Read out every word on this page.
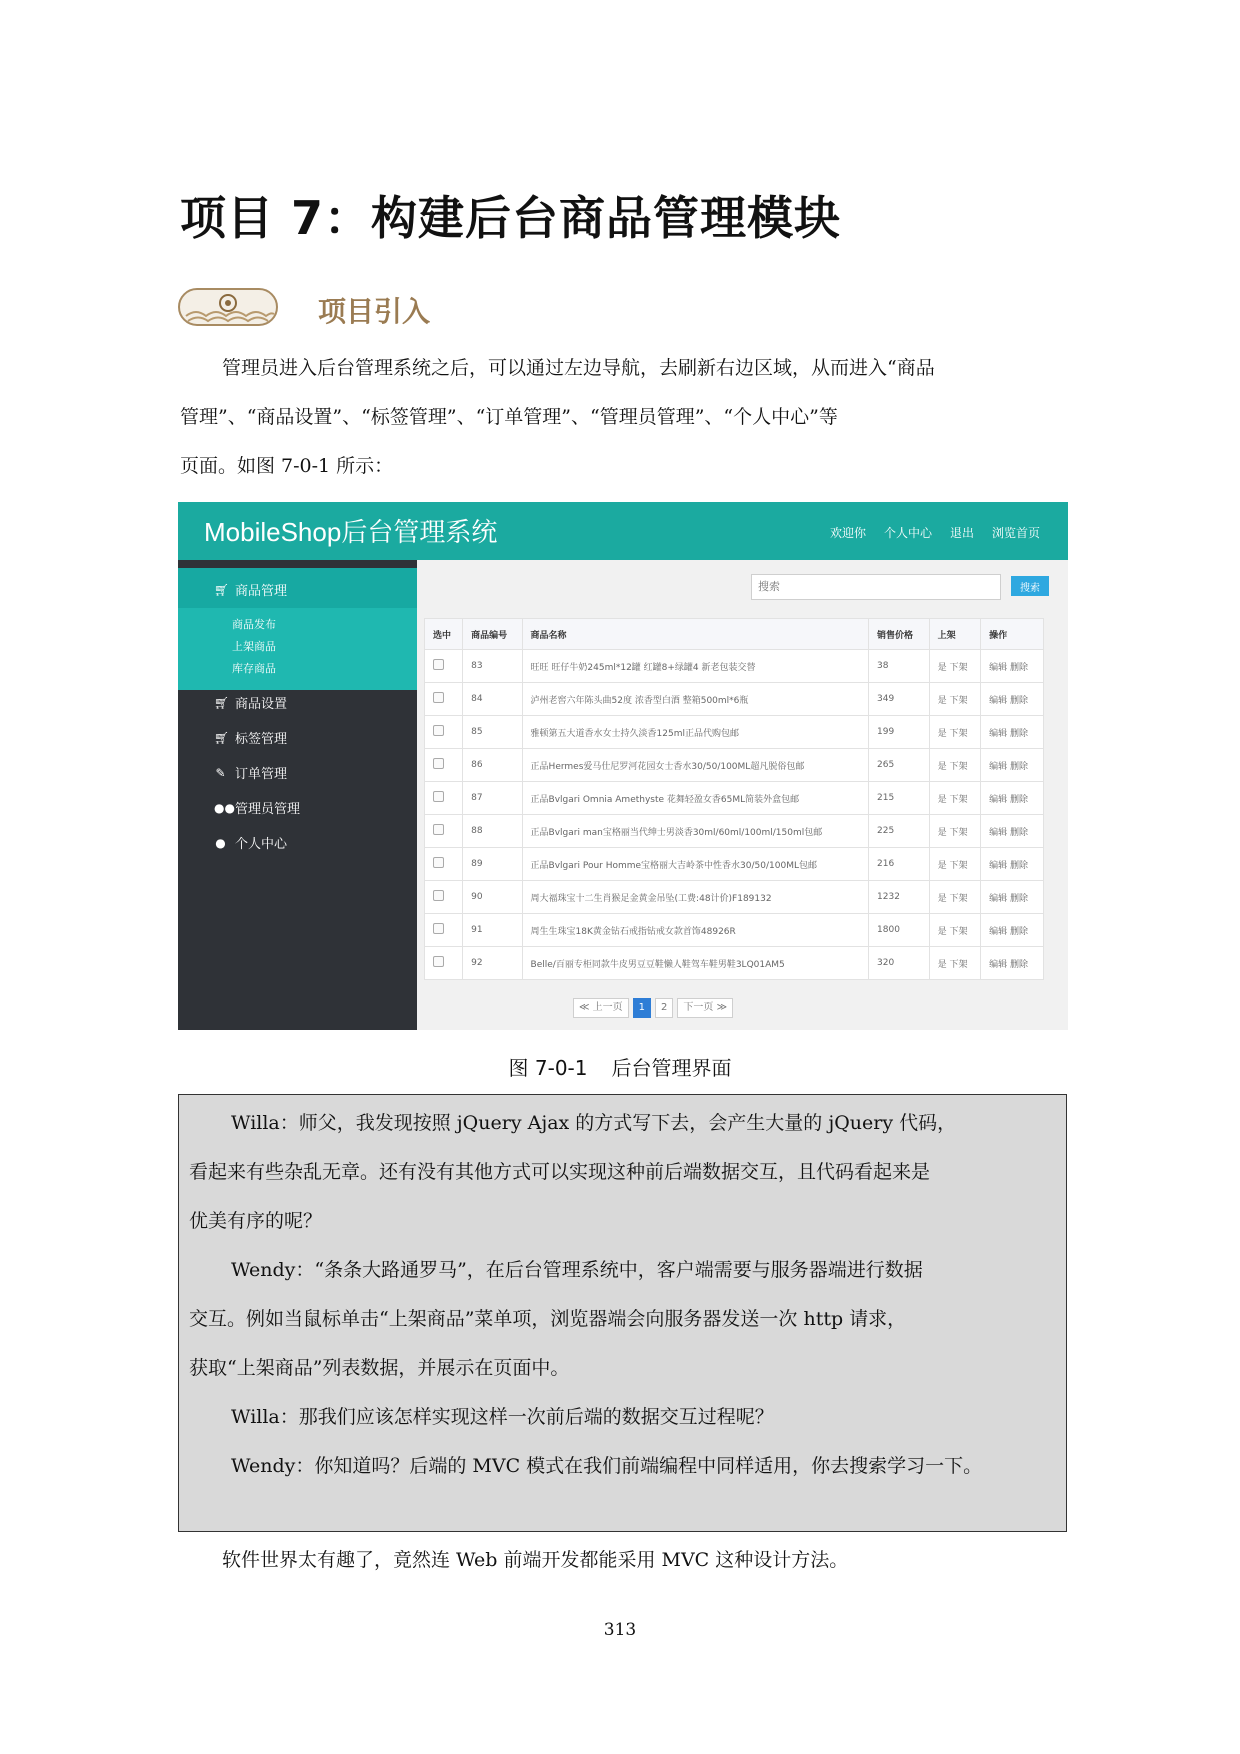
项目 7：构建后台商品管理模块
项目引入
管理员进入后台管理系统之后，可以通过左边导航，去刷新右边区域，从而进入“商品
管理”、“商品设置”、“标签管理”、“订单管理”、“管理员管理”、“个人中心”等
页面。如图 7-0-1 所示：
MobileShop后台管理系统	欢迎你 个人中心 退出 浏览首页
🛒︎ 商品管理
商品发布
上架商品
库存商品
🛒︎ 商品设置
🛒︎ 标签管理
✎ 订单管理
●● 管理员管理
● 个人中心
搜索
搜索
选中	商品编号	商品名称	销售价格	上架	操作
	83	旺旺 旺仔牛奶245ml*12罐 红罐8+绿罐4 新老包装交替	38	是 下架	编辑 删除
	84	泸州老窖六年陈头曲52度 浓香型白酒 整箱500ml*6瓶	349	是 下架	编辑 删除
	85	雅顿第五大道香水女士持久淡香125ml正品代购包邮	199	是 下架	编辑 删除
	86	正品Hermes爱马仕尼罗河花园女士香水30/50/100ML超凡脱俗包邮	265	是 下架	编辑 删除
	87	正品Bvlgari Omnia Amethyste 花舞轻盈女香65ML简装外盒包邮	215	是 下架	编辑 删除
	88	正品Bvlgari man宝格丽当代绅士男淡香30ml/60ml/100ml/150ml包邮	225	是 下架	编辑 删除
	89	正品Bvlgari Pour Homme宝格丽大吉岭茶中性香水30/50/100ML包邮	216	是 下架	编辑 删除
	90	周大福珠宝十二生肖猴足金黄金吊坠(工费:48计价)F189132	1232	是 下架	编辑 删除
	91	周生生珠宝18K黄金钻石戒指钻戒女款首饰48926R	1800	是 下架	编辑 删除
	92	Belle/百丽专柜同款牛皮男豆豆鞋懒人鞋驾车鞋男鞋3LQ01AM5	320	是 下架	编辑 删除
≪ 上一页	1	2	下一页 ≫
图 7-0-1 后台管理界面
Willa：师父，我发现按照 jQuery Ajax 的方式写下去，会产生大量的 jQuery 代码，
看起来有些杂乱无章。还有没有其他方式可以实现这种前后端数据交互，且代码看起来是
优美有序的呢？
Wendy：“条条大路通罗马”，在后台管理系统中，客户端需要与服务器端进行数据
交互。例如当鼠标单击“上架商品”菜单项，浏览器端会向服务器发送一次 http 请求，
获取“上架商品”列表数据，并展示在页面中。
Willa：那我们应该怎样实现这样一次前后端的数据交互过程呢？
Wendy：你知道吗？后端的 MVC 模式在我们前端编程中同样适用，你去搜索学习一下。
软件世界太有趣了，竟然连 Web 前端开发都能采用 MVC 这种设计方法。
313
